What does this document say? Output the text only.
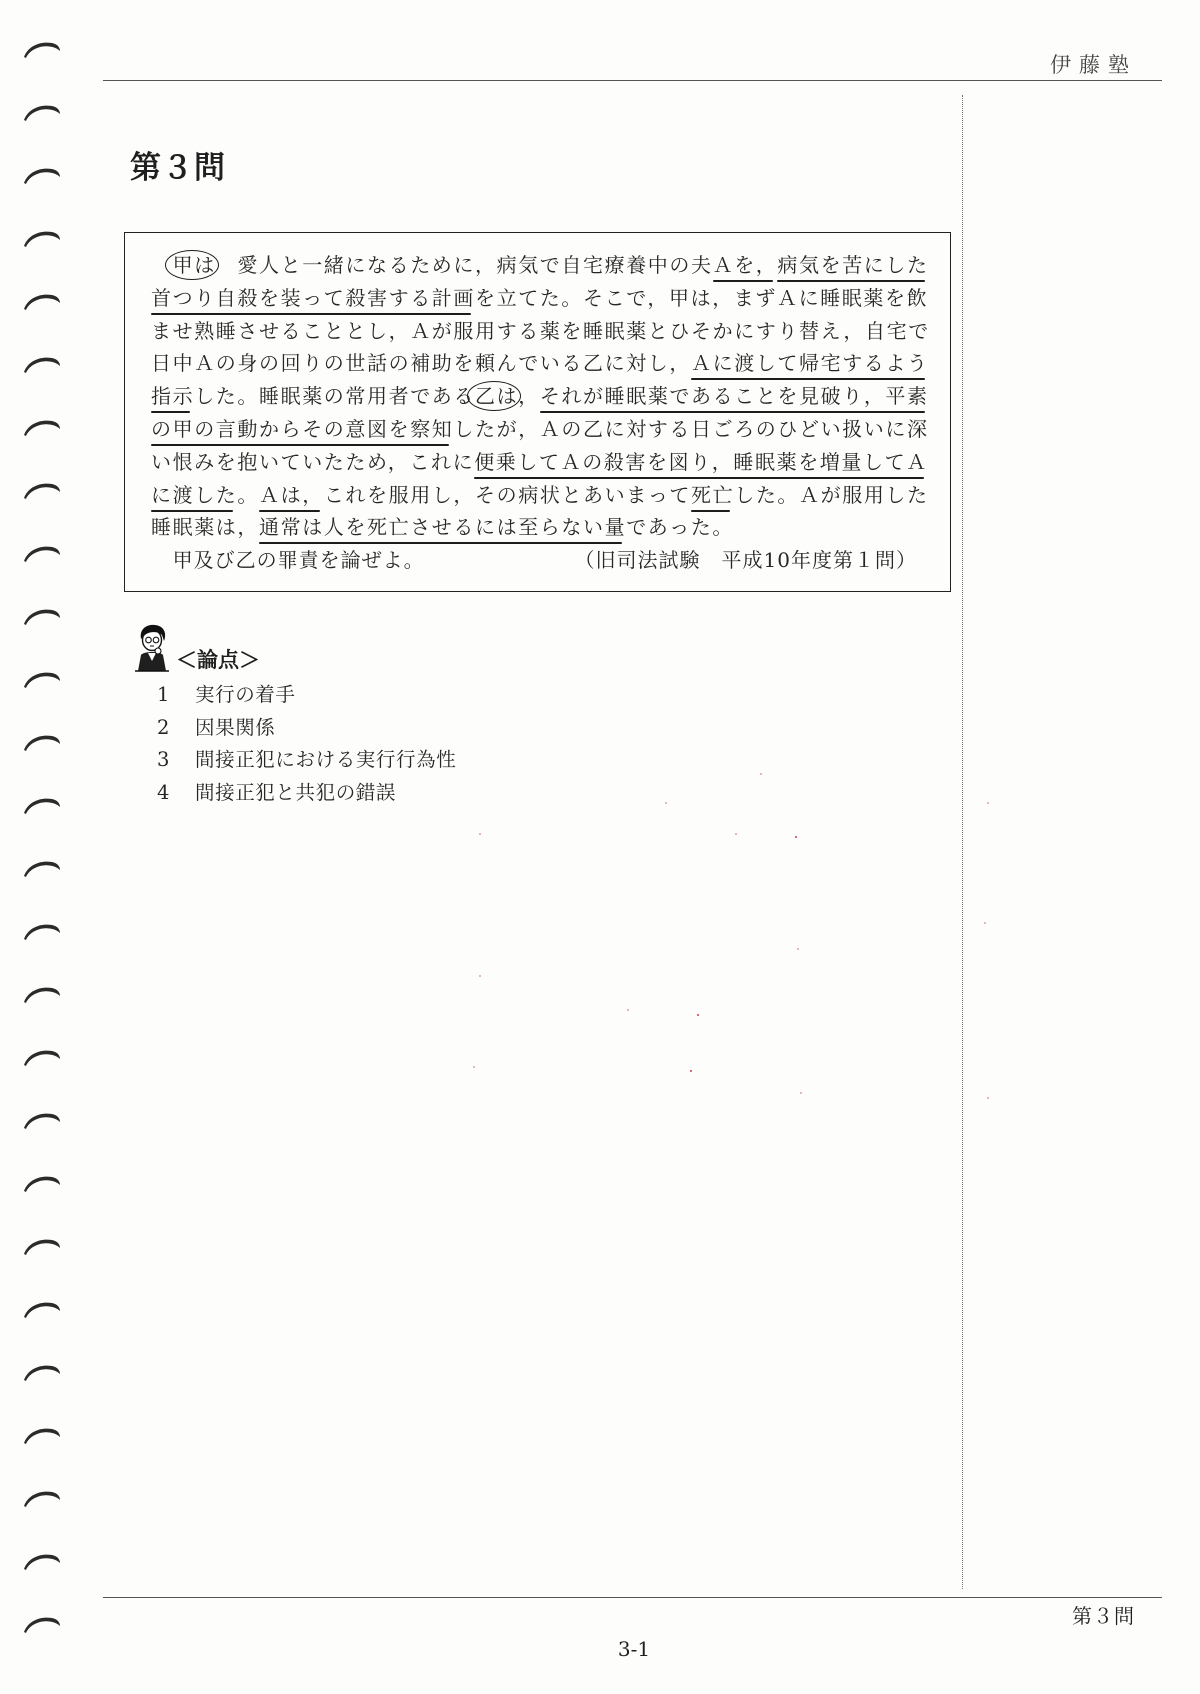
伊藤塾
第３問
甲は 愛人と一緒になるために，病気で自宅療養中の夫Ａを，病気を苦にした
首つり自殺を装って殺害する計画を立てた。そこで，甲は，まずＡに睡眠薬を飲
ませ熟睡させることとし，Ａが服用する薬を睡眠薬とひそかにすり替え，自宅で
日中Ａの身の回りの世話の補助を頼んでいる乙に対し，Ａに渡して帰宅するよう
指示した。睡眠薬の常用者である乙は，それが睡眠薬であることを見破り，平素
の甲の言動からその意図を察知したが，Ａの乙に対する日ごろのひどい扱いに深
い恨みを抱いていたため，これに便乗してＡの殺害を図り，睡眠薬を増量してＡ
に渡した。Ａは，これを服用し，その病状とあいまって死亡した。Ａが服用した
睡眠薬は，通常は人を死亡させるには至らない量であった。
甲及び乙の罪責を論ぜよ。	（旧司法試験　平成10年度第１問）
＜論点＞
1 実行の着手
2 因果関係
3 間接正犯における実行行為性
4 間接正犯と共犯の錯誤
第３問
3-1
